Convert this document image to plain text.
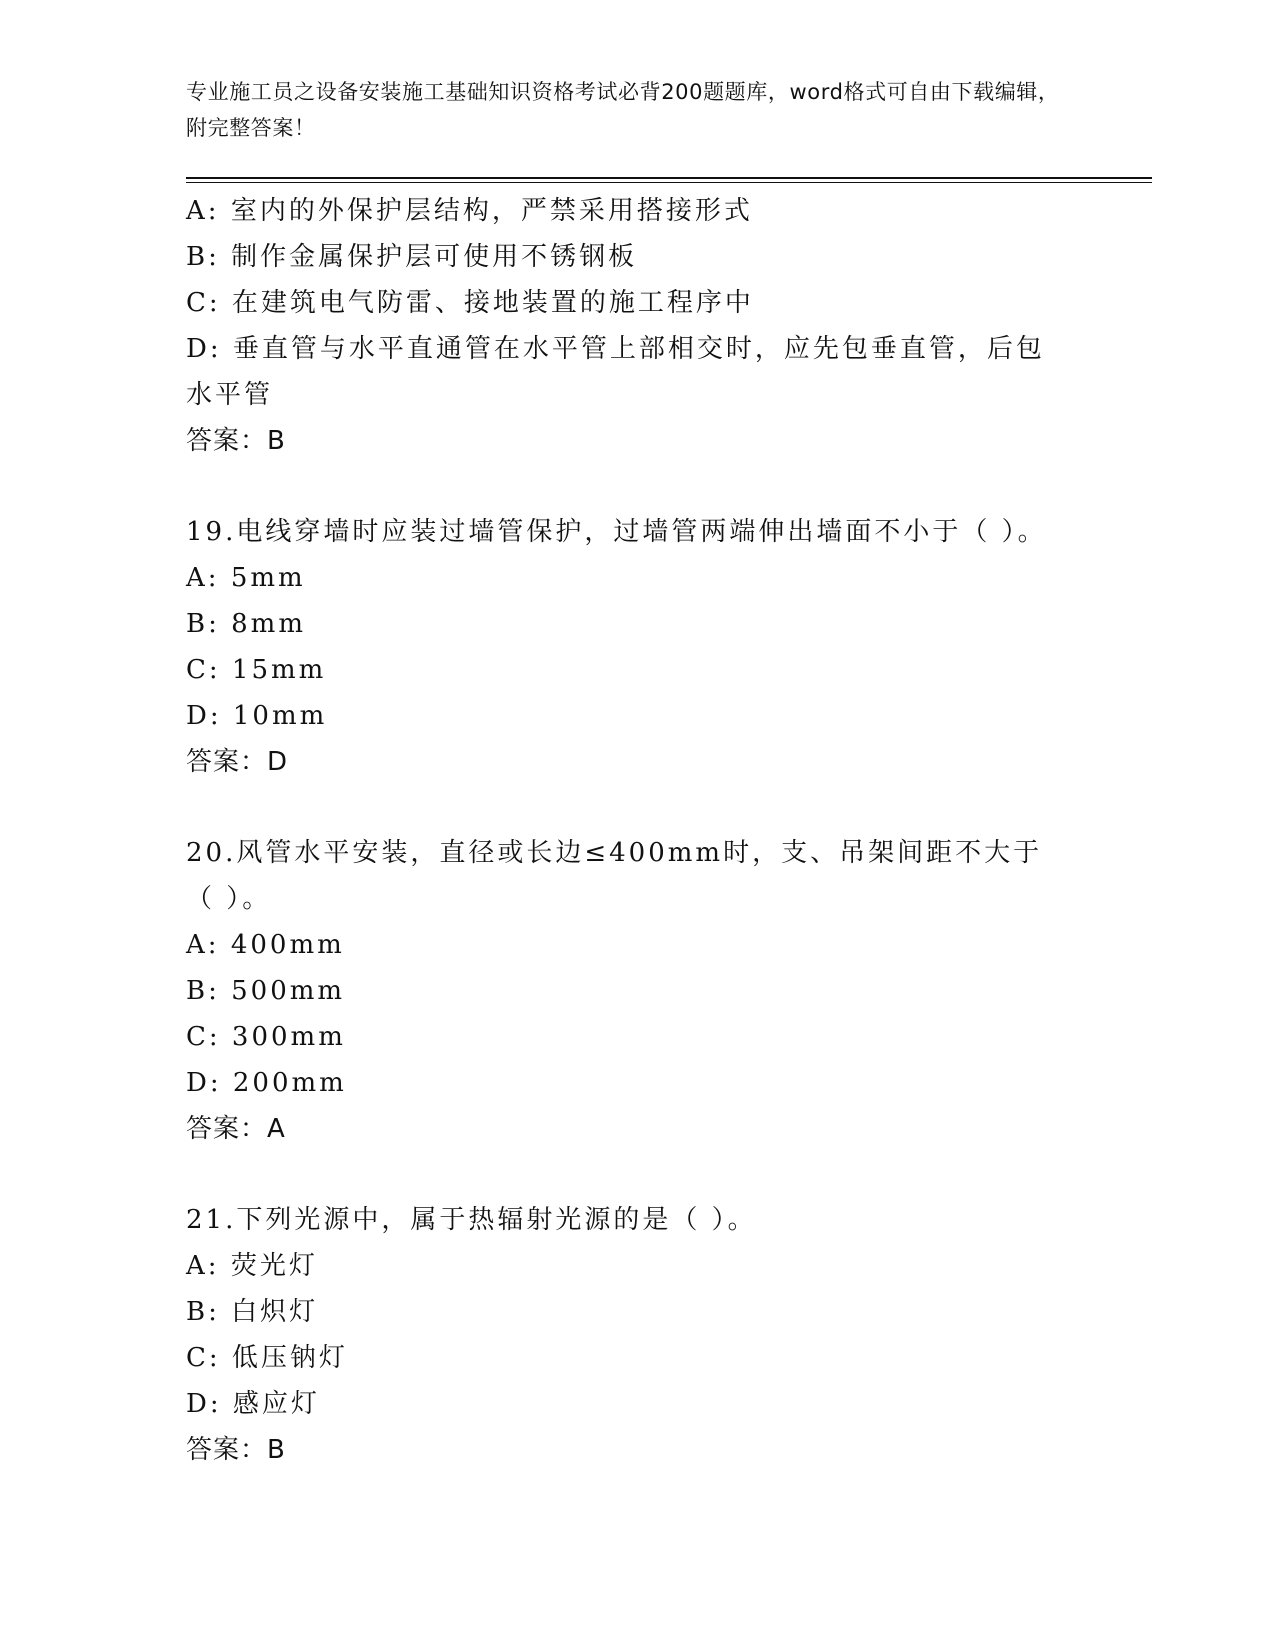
专业施工员之设备安装施工基础知识资格考试必背200题题库，word格式可自由下载编辑，附完整答案！
A: 室内的外保护层结构，严禁采用搭接形式
B: 制作金属保护层可使用不锈钢板
C: 在建筑电气防雷、接地装置的施工程序中
D: 垂直管与水平直通管在水平管上部相交时，应先包垂直管，后包水平管
答案：B
19.电线穿墙时应装过墙管保护，过墙管两端伸出墙面不小于（ ）。
A: 5mm
B: 8mm
C: 15mm
D: 10mm
答案：D
20.风管水平安装，直径或长边≤400mm时，支、吊架间距不大于（ ）。
A: 400mm
B: 500mm
C: 300mm
D: 200mm
答案：A
21.下列光源中，属于热辐射光源的是（ ）。
A: 荧光灯
B: 白炽灯
C: 低压钠灯
D: 感应灯
答案：B
